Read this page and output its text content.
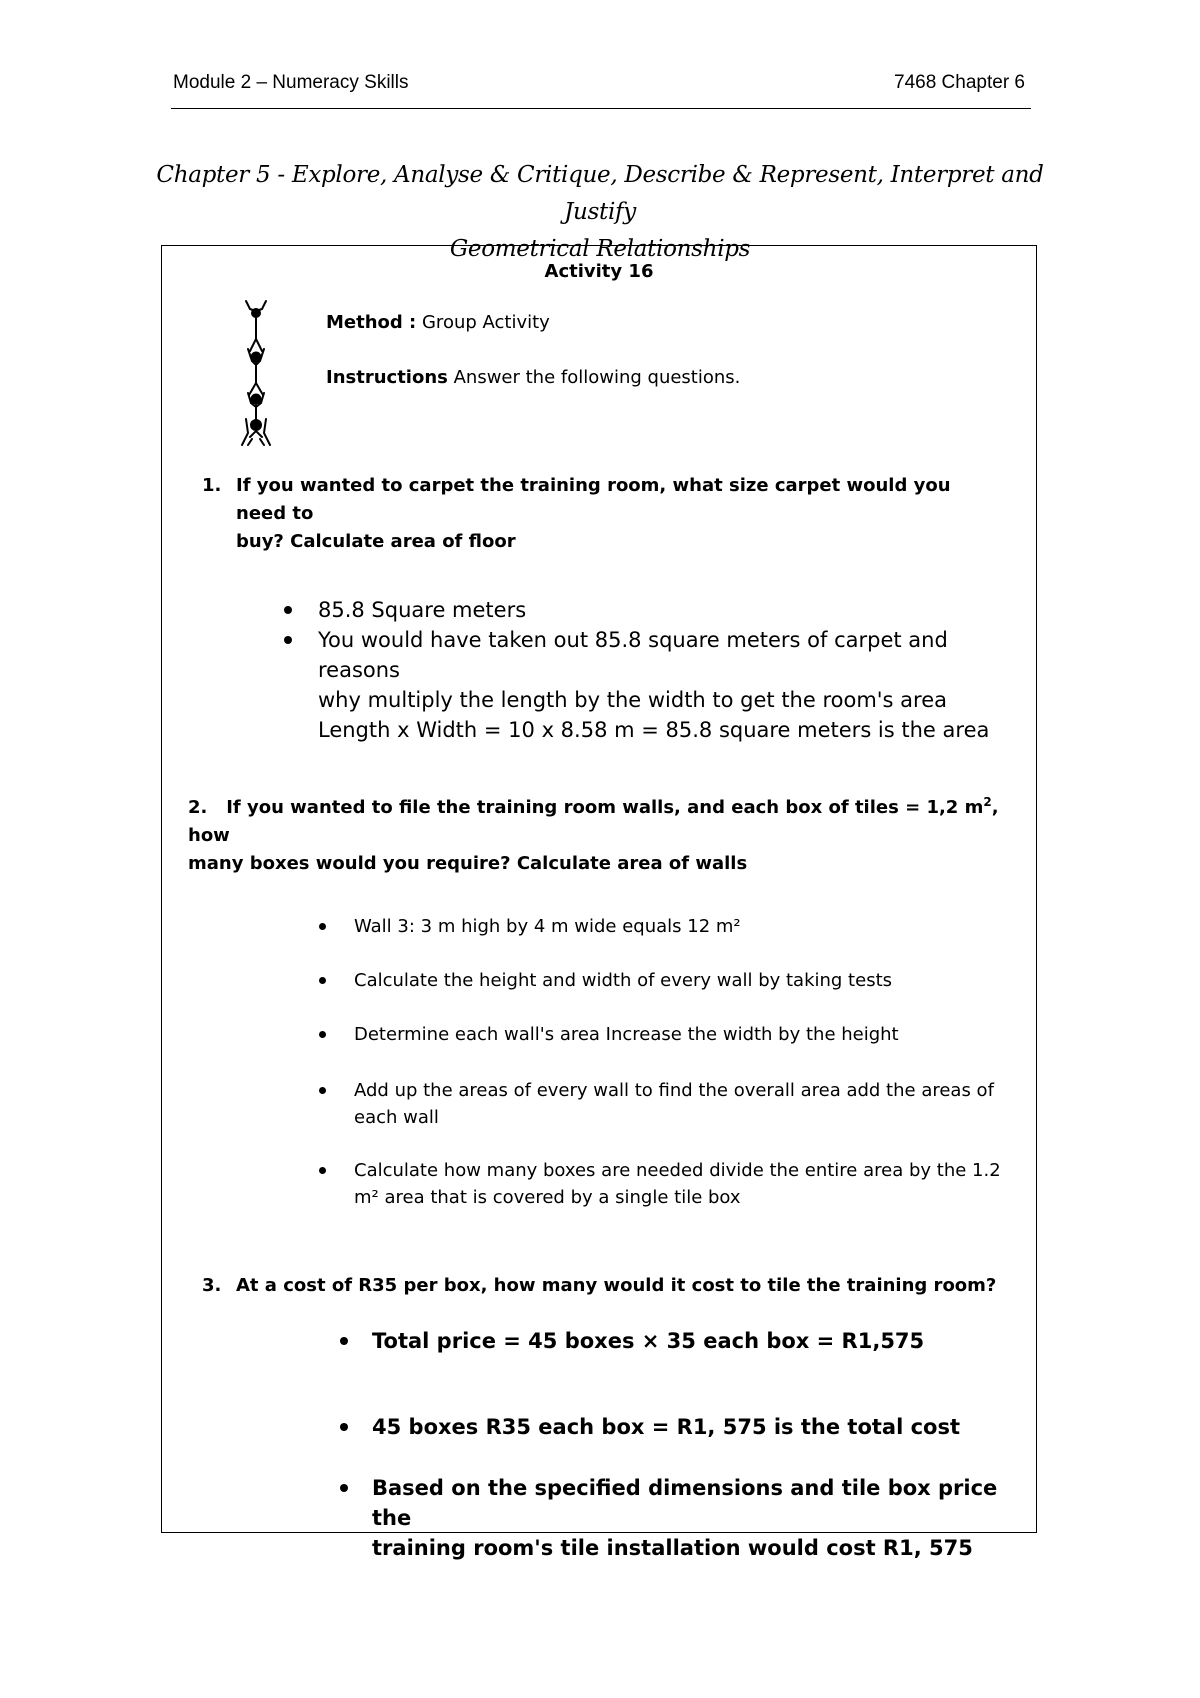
Module 2 – Numeracy Skills	7468 Chapter 6
Chapter 5 - Explore, Analyse & Critique, Describe & Represent, Interpret and Justify
Geometrical Relationships
Activity 16
Method : Group Activity
Instructions Answer the following questions.
1. If you wanted to carpet the training room, what size carpet would you need to
buy? Calculate area of floor
85.8 Square meters
You would have taken out 85.8 square meters of carpet and reasons
why multiply the length by the width to get the room's area
Length x Width = 10 x 8.58 m = 85.8 square meters is the area
2. If you wanted to file the training room walls, and each box of tiles = 1,2 $m^2$, how
many boxes would you require? Calculate area of walls
Wall 3: 3 m high by 4 m wide equals 12 m²
Calculate the height and width of every wall by taking tests
Determine each wall's area Increase the width by the height
Add up the areas of every wall to find the overall area add the areas of
each wall
Calculate how many boxes are needed divide the entire area by the 1.2
m² area that is covered by a single tile box
3. At a cost of R35 per box, how many would it cost to tile the training room?
Total price = 45 boxes × 35 each box = R1,575
45 boxes R35 each box = R1, 575 is the total cost
Based on the specified dimensions and tile box price the
training room's tile installation would cost R1, 575
